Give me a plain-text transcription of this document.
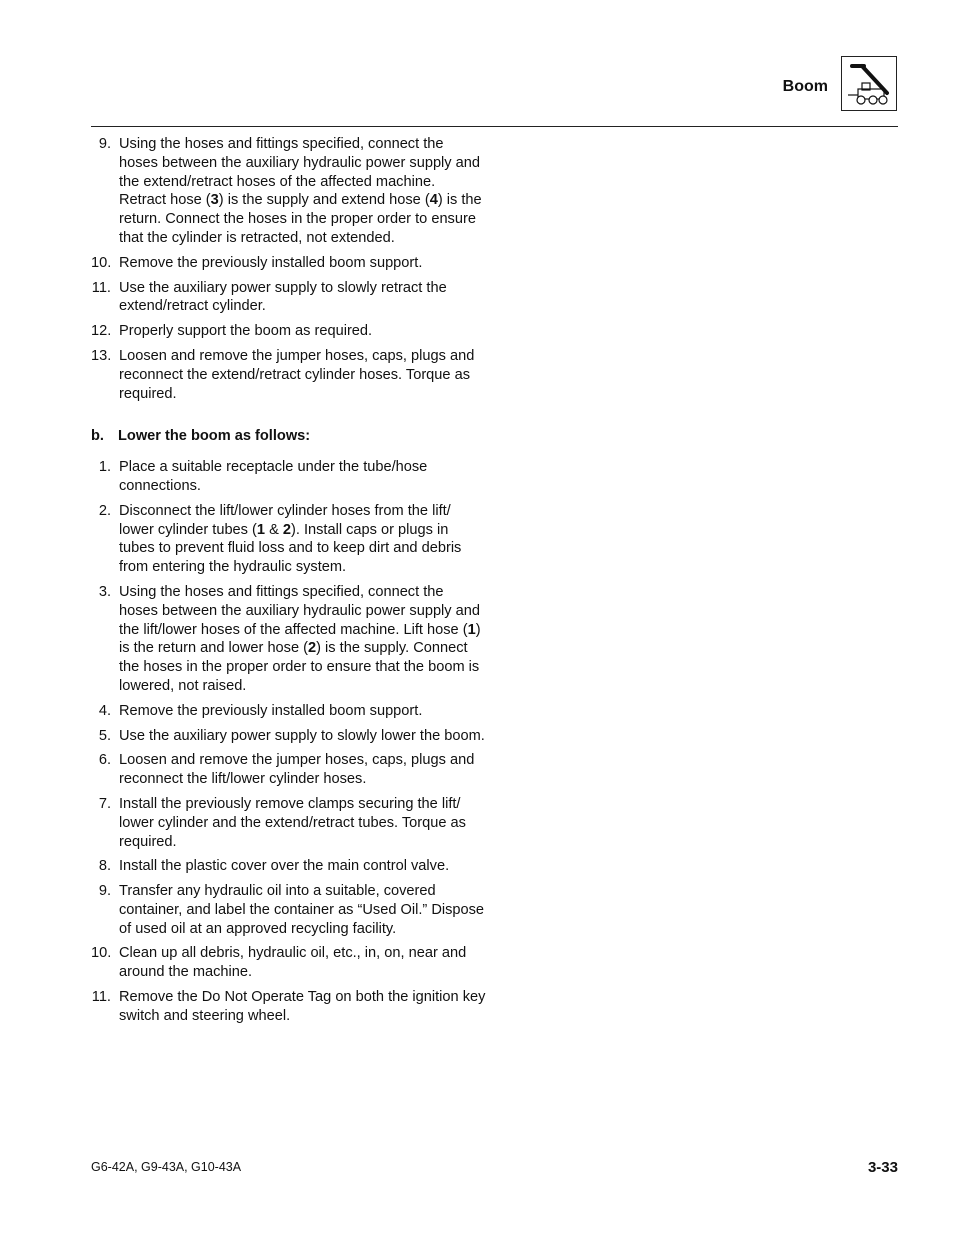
Boom
9. Using the hoses and fittings specified, connect the hoses between the auxiliary hydraulic power supply and the extend/retract hoses of the affected machine. Retract hose (3) is the supply and extend hose (4) is the return. Connect the hoses in the proper order to ensure that the cylinder is retracted, not extended.
10. Remove the previously installed boom support.
11. Use the auxiliary power supply to slowly retract the extend/retract cylinder.
12. Properly support the boom as required.
13. Loosen and remove the jumper hoses, caps, plugs and reconnect the extend/retract cylinder hoses. Torque as required.
b. Lower the boom as follows:
1. Place a suitable receptacle under the tube/hose connections.
2. Disconnect the lift/lower cylinder hoses from the lift/
lower cylinder tubes (1 & 2). Install caps or plugs in tubes to prevent fluid loss and to keep dirt and debris from entering the hydraulic system.
3. Using the hoses and fittings specified, connect the hoses between the auxiliary hydraulic power supply and the lift/lower hoses of the affected machine. Lift hose (1) is the return and lower hose (2) is the supply. Connect the hoses in the proper order to ensure that the boom is lowered, not raised.
4. Remove the previously installed boom support.
5. Use the auxiliary power supply to slowly lower the boom.
6. Loosen and remove the jumper hoses, caps, plugs and reconnect the lift/lower cylinder hoses.
7. Install the previously remove clamps securing the lift/
lower cylinder and the extend/retract tubes. Torque as required.
8. Install the plastic cover over the main control valve.
9. Transfer any hydraulic oil into a suitable, covered container, and label the container as “Used Oil.” Dispose of used oil at an approved recycling facility.
10. Clean up all debris, hydraulic oil, etc., in, on, near and around the machine.
11. Remove the Do Not Operate Tag on both the ignition key switch and steering wheel.
G6-42A, G9-43A, G10-43A	3-33
